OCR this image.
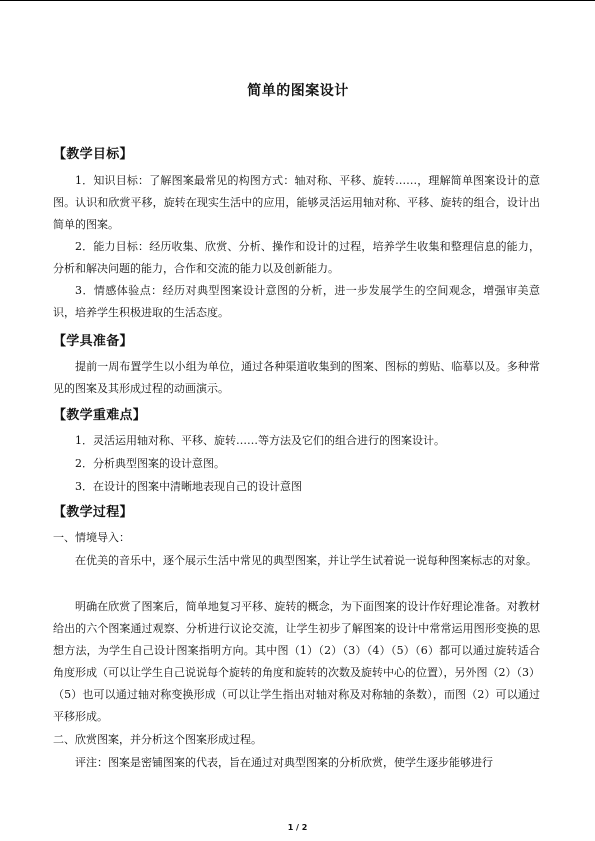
简单的图案设计
【教学目标】
1．知识目标：了解图案最常见的构图方式：轴对称、平移、旋转……，理解简单图案设计的意图。认识和欣赏平移，旋转在现实生活中的应用，能够灵活运用轴对称、平移、旋转的组合，设计出简单的图案。
2．能力目标：经历收集、欣赏、分析、操作和设计的过程，培养学生收集和整理信息的能力，分析和解决问题的能力，合作和交流的能力以及创新能力。
3．情感体验点：经历对典型图案设计意图的分析，进一步发展学生的空间观念，增强审美意识，培养学生积极进取的生活态度。
【学具准备】
提前一周布置学生以小组为单位，通过各种渠道收集到的图案、图标的剪贴、临摹以及。多种常见的图案及其形成过程的动画演示。
【教学重难点】
1．灵活运用轴对称、平移、旋转……等方法及它们的组合进行的图案设计。
2．分析典型图案的设计意图。
3．在设计的图案中清晰地表现自己的设计意图
【教学过程】
一、情境导入：
在优美的音乐中，逐个展示生活中常见的典型图案，并让学生试着说一说每种图案标志的对象。
明确在欣赏了图案后，简单地复习平移、旋转的概念，为下面图案的设计作好理论准备。对教材给出的六个图案通过观察、分析进行议论交流，让学生初步了解图案的设计中常常运用图形变换的思想方法，为学生自己设计图案指明方向。其中图（1）（2）（3）（4）（5）（6）都可以通过旋转适合角度形成（可以让学生自己说说每个旋转的角度和旋转的次数及旋转中心的位置），另外图（2）（3）（5）也可以通过轴对称变换形成（可以让学生指出对轴对称及对称轴的条数），而图（2）可以通过平移形成。
二、欣赏图案，并分析这个图案形成过程。
评注：图案是密铺图案的代表，旨在通过对典型图案的分析欣赏，使学生逐步能够进行
1 / 2
